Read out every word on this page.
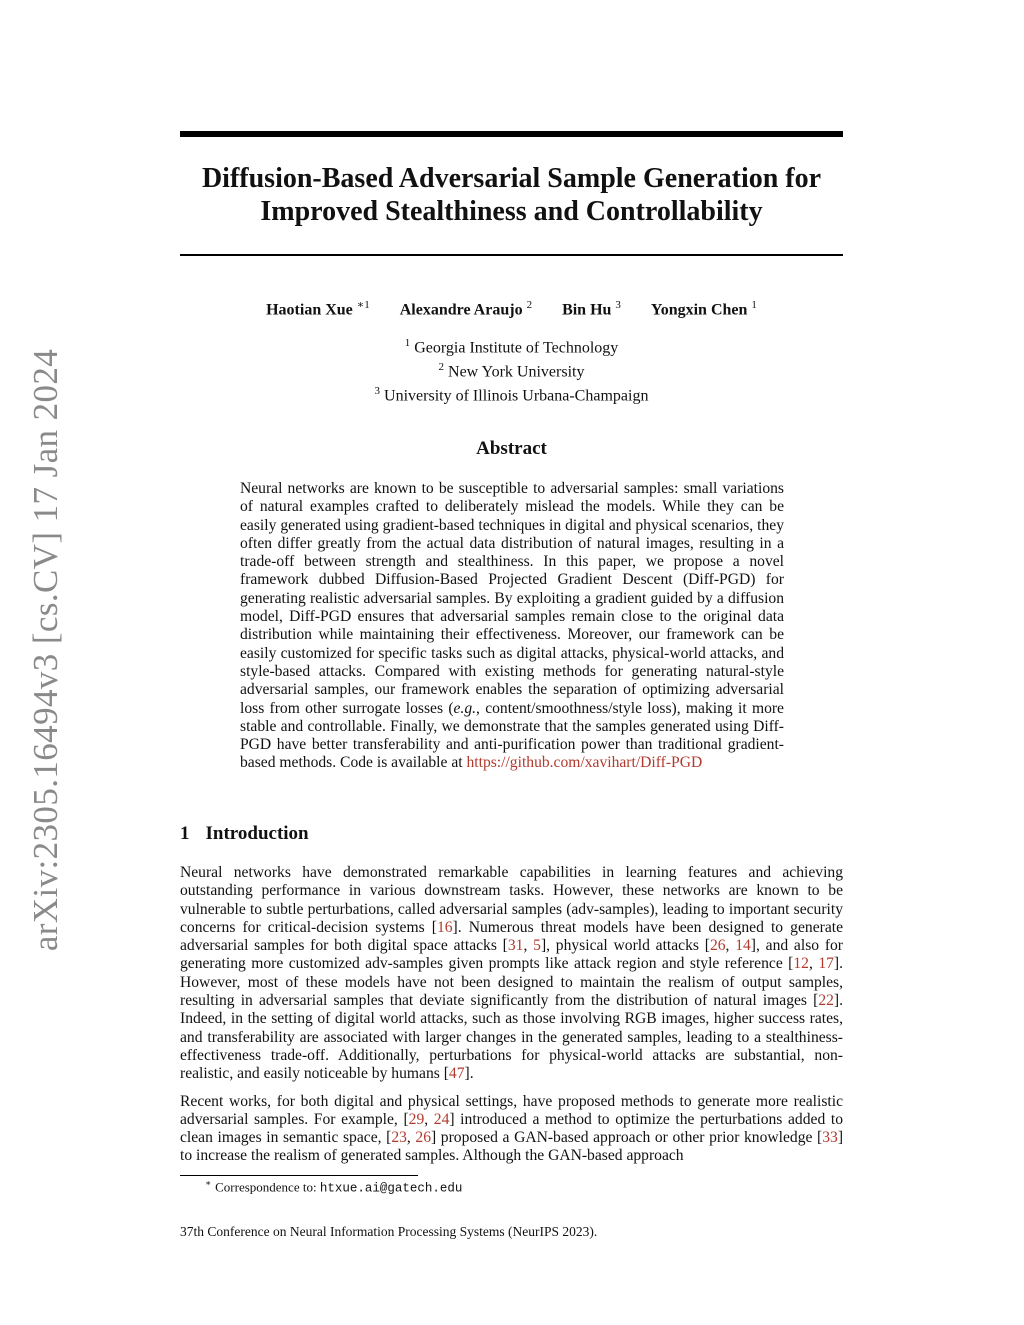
Diffusion-Based Adversarial Sample Generation for
Improved Stealthiness and Controllability
arXiv:2305.16494v3 [cs.CV] 17 Jan 2024
Haotian Xue $^{∗1}$ Alexandre Araujo $^2$ Bin Hu $^3$ Yongxin Chen $^1$
$^1$ Georgia Institute of Technology
$^2$ New York University
$^3$ University of Illinois Urbana-Champaign
Abstract

Neural networks are known to be susceptible to adversarial samples: small variations of natural examples crafted to deliberately mislead the models. While they can be easily generated using gradient-based techniques in digital and physical scenarios, they often differ greatly from the actual data distribution of natural images, resulting in a trade-off between strength and stealthiness. In this paper, we propose a novel framework dubbed Diffusion-Based Projected Gradient Descent (Diff-PGD) for generating realistic adversarial samples. By exploiting a gradient guided by a diffusion model, Diff-PGD ensures that adversarial samples remain close to the original data distribution while maintaining their effectiveness. Moreover, our framework can be easily customized for specific tasks such as digital attacks, physical-world attacks, and style-based attacks. Compared with existing methods for generating natural-style adversarial samples, our framework enables the separation of optimizing adversarial loss from other surrogate losses (e.g., content/smoothness/style loss), making it more stable and controllable. Finally, we demonstrate that the samples generated using Diff-PGD have better transferability and anti-purification power than traditional gradient-based methods. Code is available at https://github.com/xavihart/Diff-PGD

1 Introduction

Neural networks have demonstrated remarkable capabilities in learning features and achieving outstanding performance in various downstream tasks. However, these networks are known to be vulnerable to subtle perturbations, called adversarial samples (adv-samples), leading to important security concerns for critical-decision systems [16]. Numerous threat models have been designed to generate adversarial samples for both digital space attacks [31, 5], physical world attacks [26, 14], and also for generating more customized adv-samples given prompts like attack region and style reference [12, 17]. However, most of these models have not been designed to maintain the realism of output samples, resulting in adversarial samples that deviate significantly from the distribution of natural images [22]. Indeed, in the setting of digital world attacks, such as those involving RGB images, higher success rates, and transferability are associated with larger changes in the generated samples, leading to a stealthiness-effectiveness trade-off. Additionally, perturbations for physical-world attacks are substantial, non-realistic, and easily noticeable by humans [47].

Recent works, for both digital and physical settings, have proposed methods to generate more realistic adversarial samples. For example, [29, 24] introduced a method to optimize the perturbations added to clean images in semantic space, [23, 26] proposed a GAN-based approach or other prior knowledge [33] to increase the realism of generated samples. Although the GAN-based approach

∗ Correspondence to: htxue.ai@gatech.edu
37th Conference on Neural Information Processing Systems (NeurIPS 2023).
